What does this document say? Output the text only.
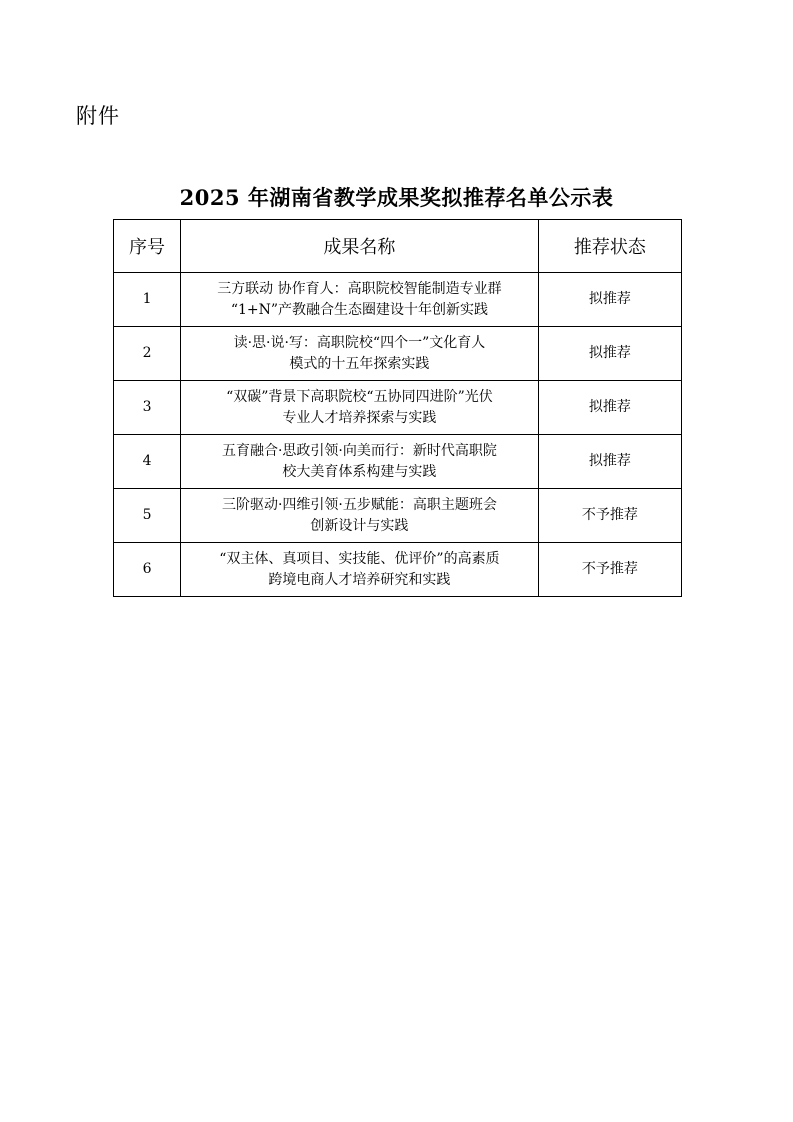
附件
2025 年湖南省教学成果奖拟推荐名单公示表
序号	成果名称	推荐状态
1	三方联动 协作育人：高职院校智能制造专业群
“1+N”产教融合生态圈建设十年创新实践	拟推荐
2	读·思·说·写：高职院校“四个一”文化育人
模式的十五年探索实践	拟推荐
3	“双碳”背景下高职院校“五协同四进阶”光伏
专业人才培养探索与实践	拟推荐
4	五育融合·思政引领·向美而行：新时代高职院
校大美育体系构建与实践	拟推荐
5	三阶驱动·四维引领·五步赋能：高职主题班会
创新设计与实践	不予推荐
6	“双主体、真项目、实技能、优评价”的高素质
跨境电商人才培养研究和实践	不予推荐
